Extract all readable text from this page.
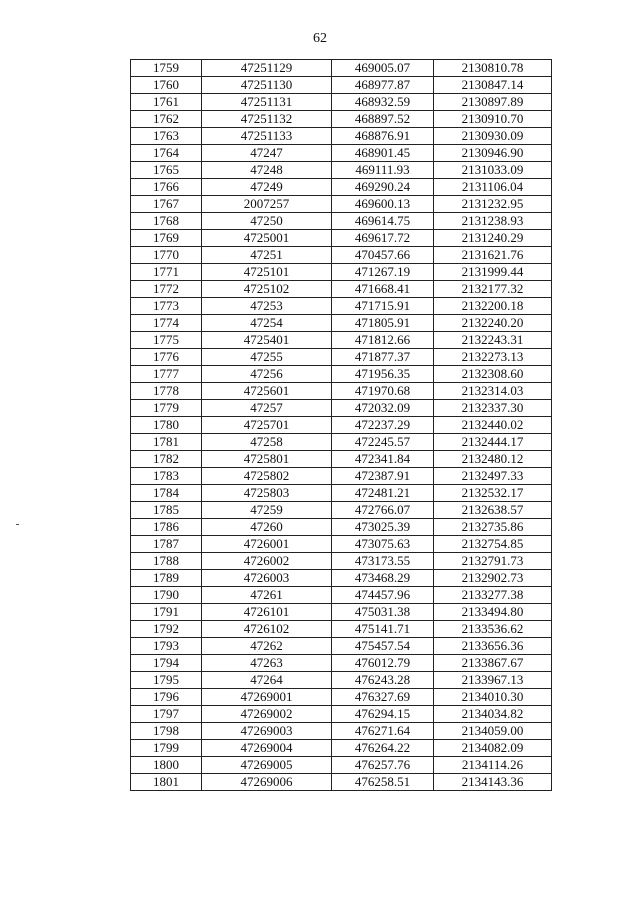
62
1759	47251129	469005.07	2130810.78
1760	47251130	468977.87	2130847.14
1761	47251131	468932.59	2130897.89
1762	47251132	468897.52	2130910.70
1763	47251133	468876.91	2130930.09
1764	47247	468901.45	2130946.90
1765	47248	469111.93	2131033.09
1766	47249	469290.24	2131106.04
1767	2007257	469600.13	2131232.95
1768	47250	469614.75	2131238.93
1769	4725001	469617.72	2131240.29
1770	47251	470457.66	2131621.76
1771	4725101	471267.19	2131999.44
1772	4725102	471668.41	2132177.32
1773	47253	471715.91	2132200.18
1774	47254	471805.91	2132240.20
1775	4725401	471812.66	2132243.31
1776	47255	471877.37	2132273.13
1777	47256	471956.35	2132308.60
1778	4725601	471970.68	2132314.03
1779	47257	472032.09	2132337.30
1780	4725701	472237.29	2132440.02
1781	47258	472245.57	2132444.17
1782	4725801	472341.84	2132480.12
1783	4725802	472387.91	2132497.33
1784	4725803	472481.21	2132532.17
1785	47259	472766.07	2132638.57
1786	47260	473025.39	2132735.86
1787	4726001	473075.63	2132754.85
1788	4726002	473173.55	2132791.73
1789	4726003	473468.29	2132902.73
1790	47261	474457.96	2133277.38
1791	4726101	475031.38	2133494.80
1792	4726102	475141.71	2133536.62
1793	47262	475457.54	2133656.36
1794	47263	476012.79	2133867.67
1795	47264	476243.28	2133967.13
1796	47269001	476327.69	2134010.30
1797	47269002	476294.15	2134034.82
1798	47269003	476271.64	2134059.00
1799	47269004	476264.22	2134082.09
1800	47269005	476257.76	2134114.26
1801	47269006	476258.51	2134143.36
